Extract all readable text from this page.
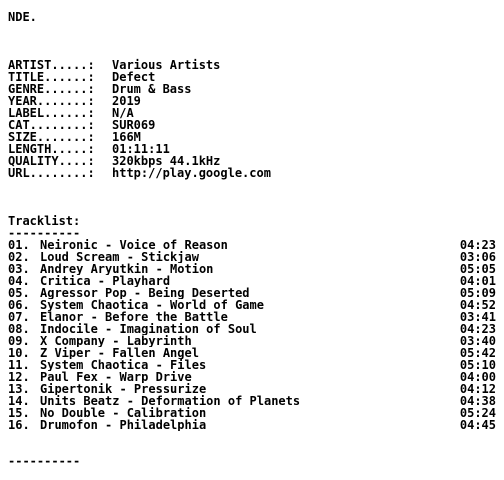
NDE.
ARTIST.....:	Various Artists
TITLE......:	Defect
GENRE......:	Drum & Bass
YEAR.......:	2019
LABEL......:	N/A
CAT........:	SUR069
SIZE.......:	166M
LENGTH.....:	01:11:11
QUALITY....:	320kbps 44.1kHz
URL........:	http://play.google.com
Tracklist:
----------
01. Neironic - Voice of Reason	04:23
02. Loud Scream - Stickjaw	03:06
03. Andrey Aryutkin - Motion	05:05
04. Critica - Playhard	04:01
05. Agressor Pop - Being Deserted	05:09
06. System Chaotica - World of Game	04:52
07. Elanor - Before the Battle	03:41
08. Indocile - Imagination of Soul	04:23
09. X Company - Labyrinth	03:40
10. Z Viper - Fallen Angel	05:42
11. System Chaotica - Files	05:10
12. Paul Fex - Warp Drive	04:00
13. Gipertonik - Pressurize	04:12
14. Units Beatz - Deformation of Planets	04:38
15. No Double - Calibration	05:24
16. Drumofon - Philadelphia	04:45
----------
